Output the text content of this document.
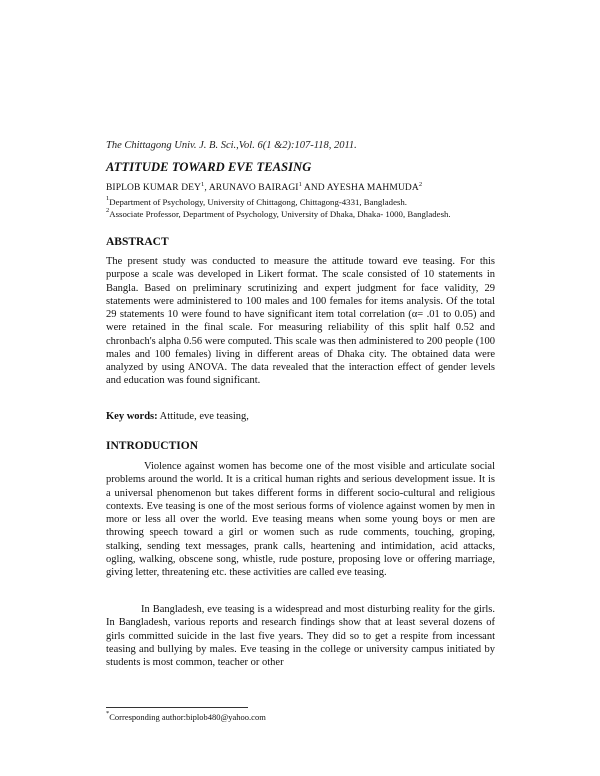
The Chittagong Univ. J. B. Sci.,Vol. 6(1 &2):107-118, 2011.
ATTITUDE TOWARD EVE TEASING
BIPLOB KUMAR DEY$^1$, ARUNAVO BAIRAGI$^1$ AND AYESHA MAHMUDA$^2$
$^1$Department of Psychology, University of Chittagong, Chittagong-4331, Bangladesh.
$^2$Associate Professor, Department of Psychology, University of Dhaka, Dhaka- 1000, Bangladesh.
ABSTRACT
The present study was conducted to measure the attitude toward eve teasing. For this purpose a scale was developed in Likert format. The scale consisted of 10 statements in Bangla. Based on preliminary scrutinizing and expert judgment for face validity, 29 statements were administered to 100 males and 100 females for items analysis. Of the total 29 statements 10 were found to have significant item total correlation (α= .01 to 0.05) and were retained in the final scale. For measuring reliability of this split half 0.52 and chronbach's alpha 0.56 were computed. This scale was then administered to 200 people (100 males and 100 females) living in different areas of Dhaka city. The obtained data were analyzed by using ANOVA. The data revealed that the interaction effect of gender levels and education was found significant.
Key words: Attitude, eve teasing,
INTRODUCTION
Violence against women has become one of the most visible and articulate social problems around the world. It is a critical human rights and serious development issue. It is a universal phenomenon but takes different forms in different socio-cultural and religious contexts. Eve teasing is one of the most serious forms of violence against women by men in more or less all over the world. Eve teasing means when some young boys or men are throwing speech toward a girl or women such as rude comments, touching, groping, stalking, sending text messages, prank calls, heartening and intimidation, acid attacks, ogling, walking, obscene song, whistle, rude posture, proposing love or offering marriage, giving letter, threatening etc. these activities are called eve teasing.
In Bangladesh, eve teasing is a widespread and most disturbing reality for the girls. In Bangladesh, various reports and research findings show that at least several dozens of girls committed suicide in the last five years. They did so to get a respite from incessant teasing and bullying by males. Eve teasing in the college or university campus initiated by students is most common, teacher or other
*Corresponding author:biplob480@yahoo.com
